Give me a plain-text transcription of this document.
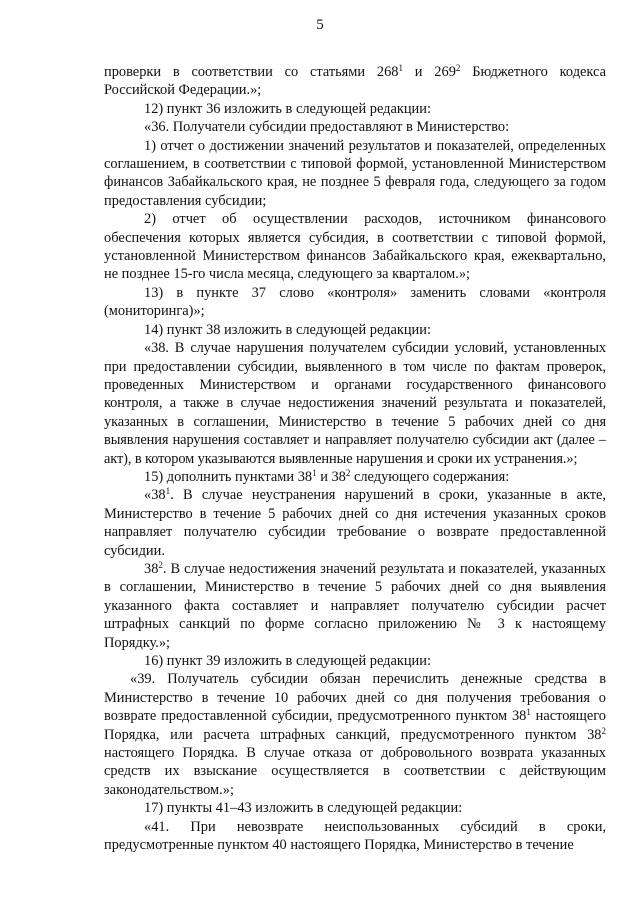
5

проверки в соответствии со статьями $268^1$ и $269^2$ Бюджетного кодекса Российской Федерации.»;

12) пункт 36 изложить в следующей редакции:

«36. Получатели субсидии предоставляют в Министерство:

1) отчет о достижении значений результатов и показателей, определенных соглашением, в соответствии с типовой формой, установленной Министерством финансов Забайкальского края, не позднее 5 февраля года, следующего за годом предоставления субсидии;

2) отчет об осуществлении расходов, источником финансового обеспечения которых является субсидия, в соответствии с типовой формой, установленной Министерством финансов Забайкальского края, ежеквартально, не позднее 15-го числа месяца, следующего за кварталом.»;

13) в пункте 37 слово «контроля» заменить словами «контроля (мониторинга)»;

14) пункт 38 изложить в следующей редакции:

«38. В случае нарушения получателем субсидии условий, установленных при предоставлении субсидии, выявленного в том числе по фактам проверок, проведенных Министерством и органами государственного финансового контроля, а также в случае недостижения значений результата и показателей, указанных в соглашении, Министерство в течение 5 рабочих дней со дня выявления нарушения составляет и направляет получателю субсидии акт (далее – акт), в котором указываются выявленные нарушения и сроки их устранения.»;

15) дополнить пунктами $38^1$ и $38^2$ следующего содержания:

«$38^1$. В случае неустранения нарушений в сроки, указанные в акте, Министерство в течение 5 рабочих дней со дня истечения указанных сроков направляет получателю субсидии требование о возврате предоставленной субсидии.

$38^2$. В случае недостижения значений результата и показателей, указанных в соглашении, Министерство в течение 5 рабочих дней со дня выявления указанного факта составляет и направляет получателю субсидии расчет штрафных санкций по форме согласно приложению № 3 к настоящему Порядку.»;

16) пункт 39 изложить в следующей редакции:

«39. Получатель субсидии обязан перечислить денежные средства в Министерство в течение 10 рабочих дней со дня получения требования о возврате предоставленной субсидии, предусмотренного пунктом $38^1$ настоящего Порядка, или расчета штрафных санкций, предусмотренного пунктом $38^2$ настоящего Порядка. В случае отказа от добровольного возврата указанных средств их взыскание осуществляется в соответствии с действующим законодательством.»;

17) пункты 41–43 изложить в следующей редакции:

«41. При невозврате неиспользованных субсидий в сроки, предусмотренные пунктом 40 настоящего Порядка, Министерство в течение
